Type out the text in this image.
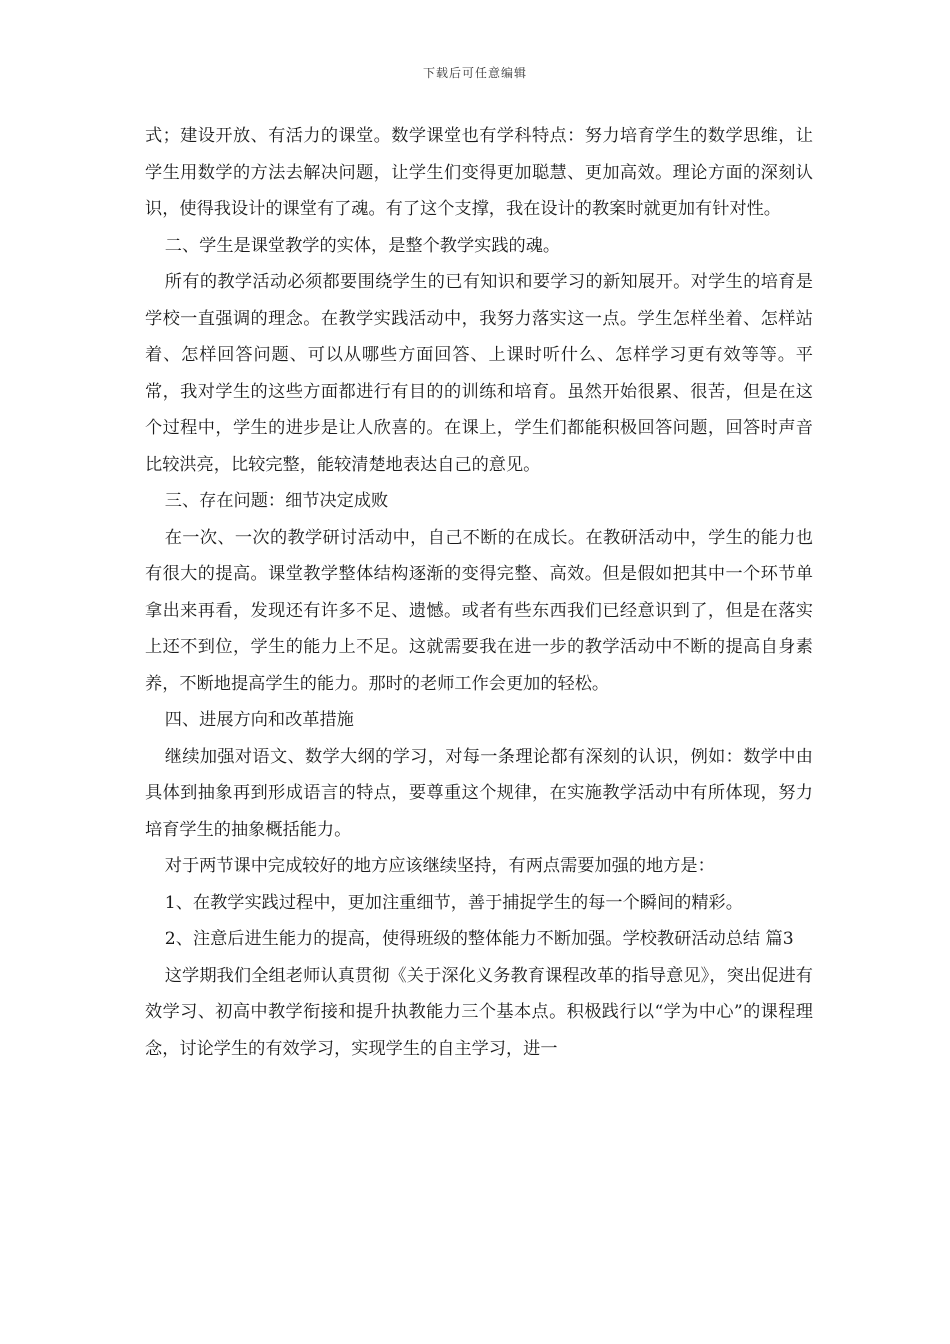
下载后可任意编辑

式；建设开放、有活力的课堂。数学课堂也有学科特点：努力培育学生的数学思维，让学生用数学的方法去解决问题，让学生们变得更加聪慧、更加高效。理论方面的深刻认识，使得我设计的课堂有了魂。有了这个支撑，我在设计的教案时就更加有针对性。

二、学生是课堂教学的实体，是整个教学实践的魂。

所有的教学活动必须都要围绕学生的已有知识和要学习的新知展开。对学生的培育是学校一直强调的理念。在教学实践活动中，我努力落实这一点。学生怎样坐着、怎样站着、怎样回答问题、可以从哪些方面回答、上课时听什么、怎样学习更有效等等。平常，我对学生的这些方面都进行有目的的训练和培育。虽然开始很累、很苦，但是在这个过程中，学生的进步是让人欣喜的。在课上，学生们都能积极回答问题，回答时声音比较洪亮，比较完整，能较清楚地表达自己的意见。

三、存在问题：细节决定成败

在一次、一次的教学研讨活动中，自己不断的在成长。在教研活动中，学生的能力也有很大的提高。课堂教学整体结构逐渐的变得完整、高效。但是假如把其中一个环节单拿出来再看，发现还有许多不足、遗憾。或者有些东西我们已经意识到了，但是在落实上还不到位，学生的能力上不足。这就需要我在进一步的教学活动中不断的提高自身素养，不断地提高学生的能力。那时的老师工作会更加的轻松。

四、进展方向和改革措施

继续加强对语文、数学大纲的学习，对每一条理论都有深刻的认识，例如：数学中由具体到抽象再到形成语言的特点，要尊重这个规律，在实施教学活动中有所体现，努力培育学生的抽象概括能力。

对于两节课中完成较好的地方应该继续坚持，有两点需要加强的地方是：

1、在教学实践过程中，更加注重细节，善于捕捉学生的每一个瞬间的精彩。

2、注意后进生能力的提高，使得班级的整体能力不断加强。学校教研活动总结 篇3

这学期我们全组老师认真贯彻《关于深化义务教育课程改革的指导意见》，突出促进有效学习、初高中教学衔接和提升执教能力三个基本点。积极践行以“学为中心”的课程理念，讨论学生的有效学习，实现学生的自主学习，进一
